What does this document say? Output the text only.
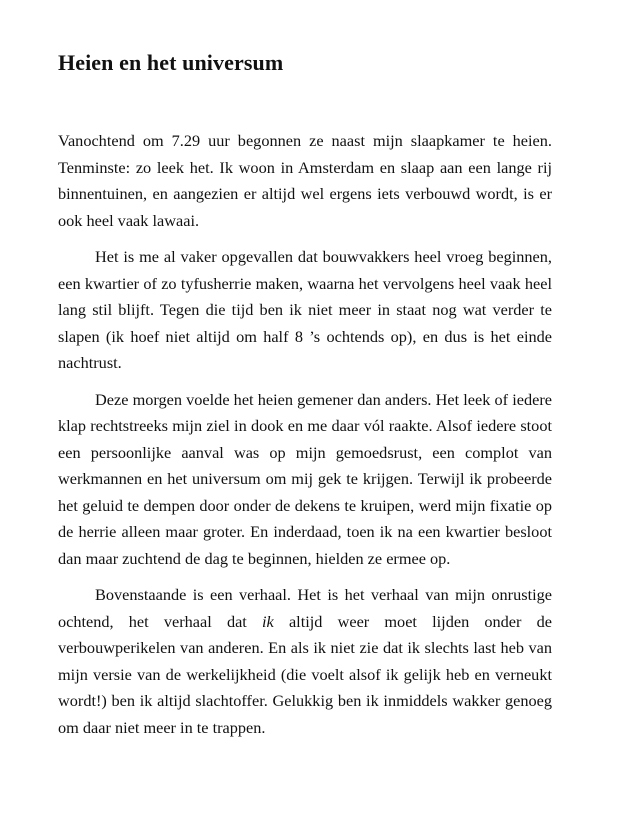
Heien en het universum

Vanochtend om 7.29 uur begonnen ze naast mijn slaapkamer te heien. Tenminste: zo leek het. Ik woon in Amsterdam en slaap aan een lange rij binnentuinen, en aangezien er altijd wel ergens iets verbouwd wordt, is er ook heel vaak lawaai.

Het is me al vaker opgevallen dat bouwvakkers heel vroeg beginnen, een kwartier of zo tyfusherrie maken, waarna het vervolgens heel vaak heel lang stil blijft. Tegen die tijd ben ik niet meer in staat nog wat verder te slapen (ik hoef niet altijd om half 8 ’s ochtends op), en dus is het einde nachtrust.

Deze morgen voelde het heien gemener dan anders. Het leek of iedere klap rechtstreeks mijn ziel in dook en me daar vól raakte. Alsof iedere stoot een persoonlijke aanval was op mijn gemoedsrust, een complot van werkmannen en het universum om mij gek te krijgen. Terwijl ik probeerde het geluid te dempen door onder de dekens te kruipen, werd mijn fixatie op de herrie alleen maar groter. En inderdaad, toen ik na een kwartier besloot dan maar zuchtend de dag te beginnen, hielden ze ermee op.

Bovenstaande is een verhaal. Het is het verhaal van mijn onrustige ochtend, het verhaal dat ik altijd weer moet lijden onder de verbouwperikelen van anderen. En als ik niet zie dat ik slechts last heb van mijn versie van de werkelijkheid (die voelt alsof ik gelijk heb en verneukt wordt!) ben ik altijd slachtoffer. Gelukkig ben ik inmiddels wakker genoeg om daar niet meer in te trappen.
